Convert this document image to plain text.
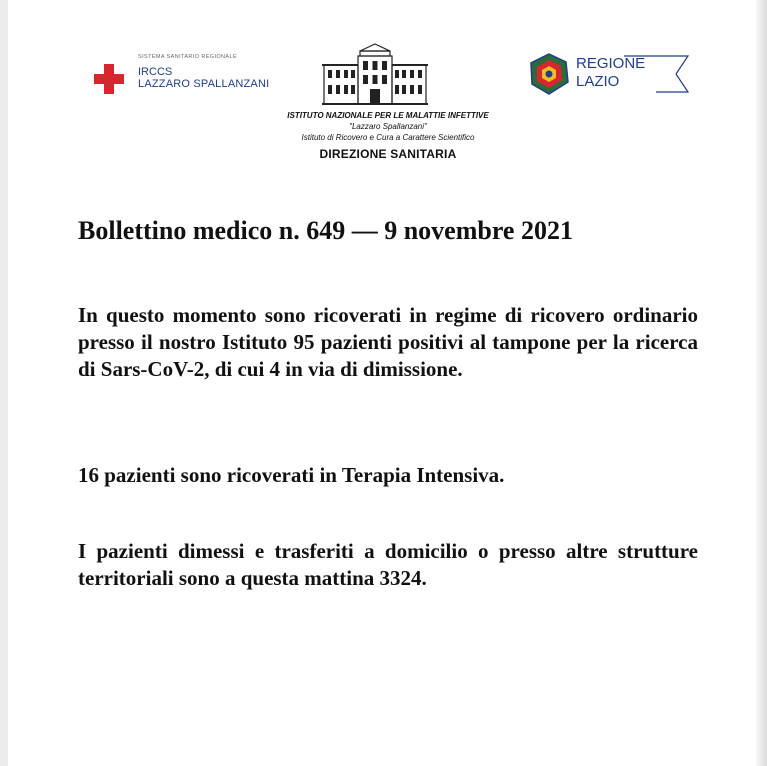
SISTEMA SANITARIO REGIONALE
IRCCS
LAZZARO SPALLANZANI
ISTITUTO NAZIONALE PER LE MALATTIE INFETTIVE
"Lazzaro Spallanzani"
Istituto di Ricovero e Cura a Carattere Scientifico
DIREZIONE SANITARIA
REGIONE
LAZIO
Bollettino medico n. 649 — 9 novembre 2021
In questo momento sono ricoverati in regime di ricovero ordinario presso il nostro Istituto 95 pazienti positivi al tampone per la ricerca di Sars-CoV-2, di cui 4 in via di dimissione.
16 pazienti sono ricoverati in Terapia Intensiva.
I pazienti dimessi e trasferiti a domicilio o presso altre strutture territoriali sono a questa mattina 3324.
